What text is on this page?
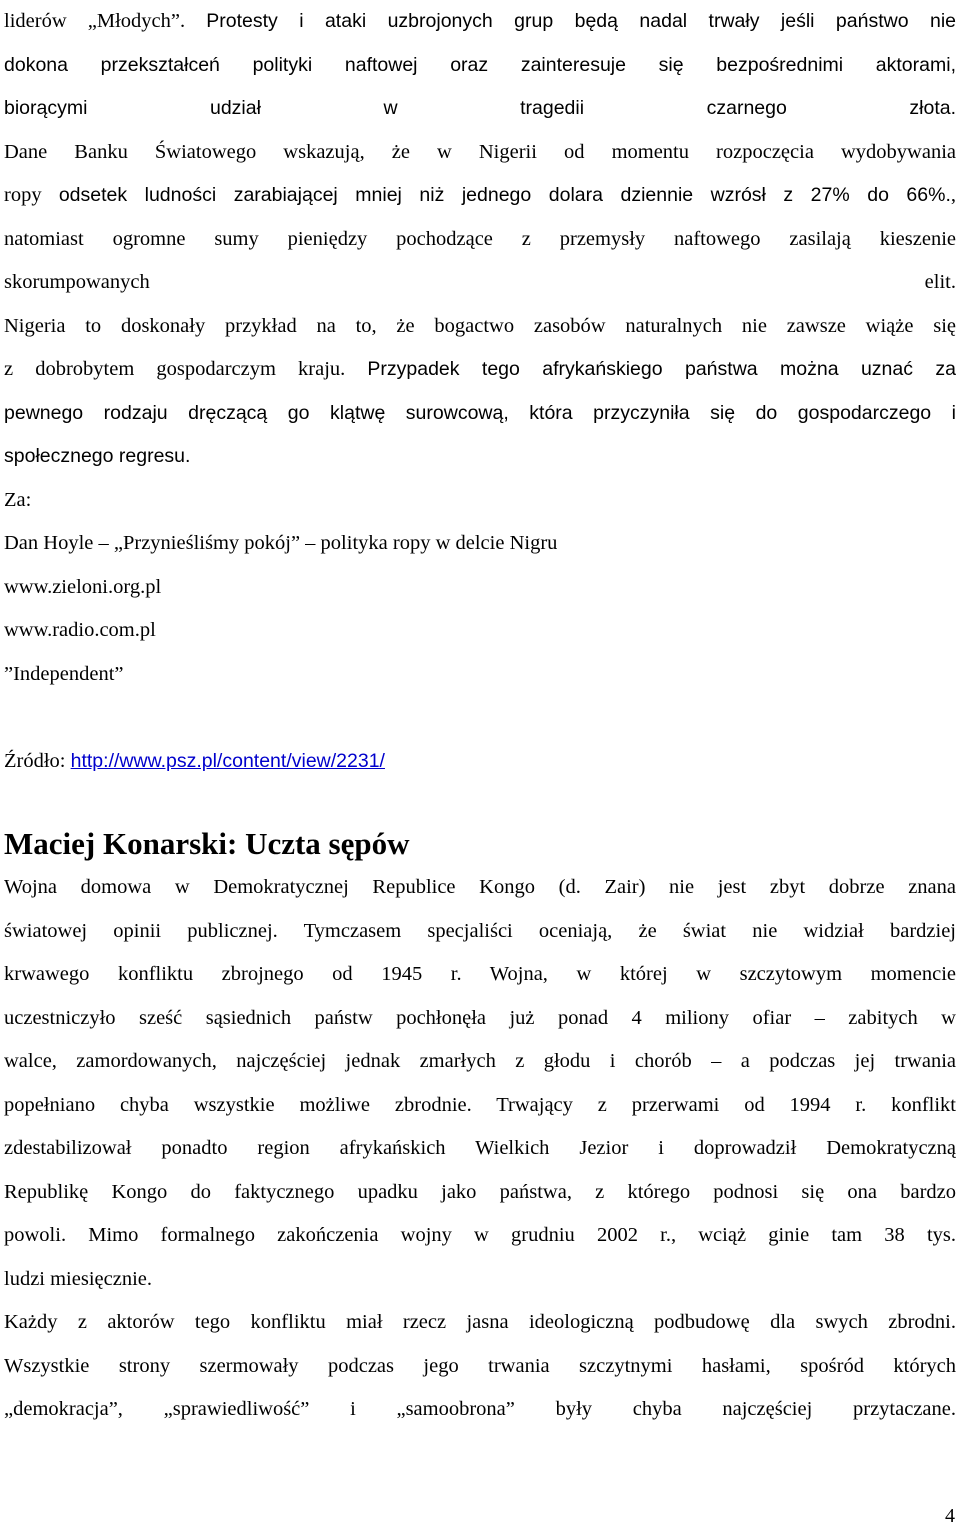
liderów „Młodych”. Protesty i ataki uzbrojonych grup będą nadal trwały jeśli państwo nie
dokona przekształceń polityki naftowej oraz zainteresuje się bezpośrednimi aktorami,
biorącymi udział w tragedii czarnego złota.
Dane Banku Światowego wskazują, że w Nigerii od momentu rozpoczęcia wydobywania
ropy odsetek ludności zarabiającej mniej niż jednego dolara dziennie wzrósł z 27% do 66%.,
natomiast ogromne sumy pieniędzy pochodzące z przemysły naftowego zasilają kieszenie
skorumpowanych elit.
Nigeria to doskonały przykład na to, że bogactwo zasobów naturalnych nie zawsze wiąże się
z dobrobytem gospodarczym kraju. Przypadek tego afrykańskiego państwa można uznać za
pewnego rodzaju dręczącą go klątwę surowcową, która przyczyniła się do gospodarczego i
społecznego regresu.
Za:
Dan Hoyle – „Przynieśliśmy pokój” – polityka ropy w delcie Nigru
www.zieloni.org.pl
www.radio.com.pl
”Independent”
Źródło: http://www.psz.pl/content/view/2231/
Maciej Konarski: Uczta sępów
Wojna domowa w Demokratycznej Republice Kongo (d. Zair) nie jest zbyt dobrze znana
światowej opinii publicznej. Tymczasem specjaliści oceniają, że świat nie widział bardziej
krwawego konfliktu zbrojnego od 1945 r. Wojna, w której w szczytowym momencie
uczestniczyło sześć sąsiednich państw pochłonęła już ponad 4 miliony ofiar – zabitych w
walce, zamordowanych, najczęściej jednak zmarłych z głodu i chorób – a podczas jej trwania
popełniano chyba wszystkie możliwe zbrodnie. Trwający z przerwami od 1994 r. konflikt
zdestabilizował ponadto region afrykańskich Wielkich Jezior i doprowadził Demokratyczną
Republikę Kongo do faktycznego upadku jako państwa, z którego podnosi się ona bardzo
powoli. Mimo formalnego zakończenia wojny w grudniu 2002 r., wciąż ginie tam 38 tys.
ludzi miesięcznie.
Każdy z aktorów tego konfliktu miał rzecz jasna ideologiczną podbudowę dla swych zbrodni.
Wszystkie strony szermowały podczas jego trwania szczytnymi hasłami, spośród których
„demokracja”, „sprawiedliwość” i „samoobrona” były chyba najczęściej przytaczane.
4
